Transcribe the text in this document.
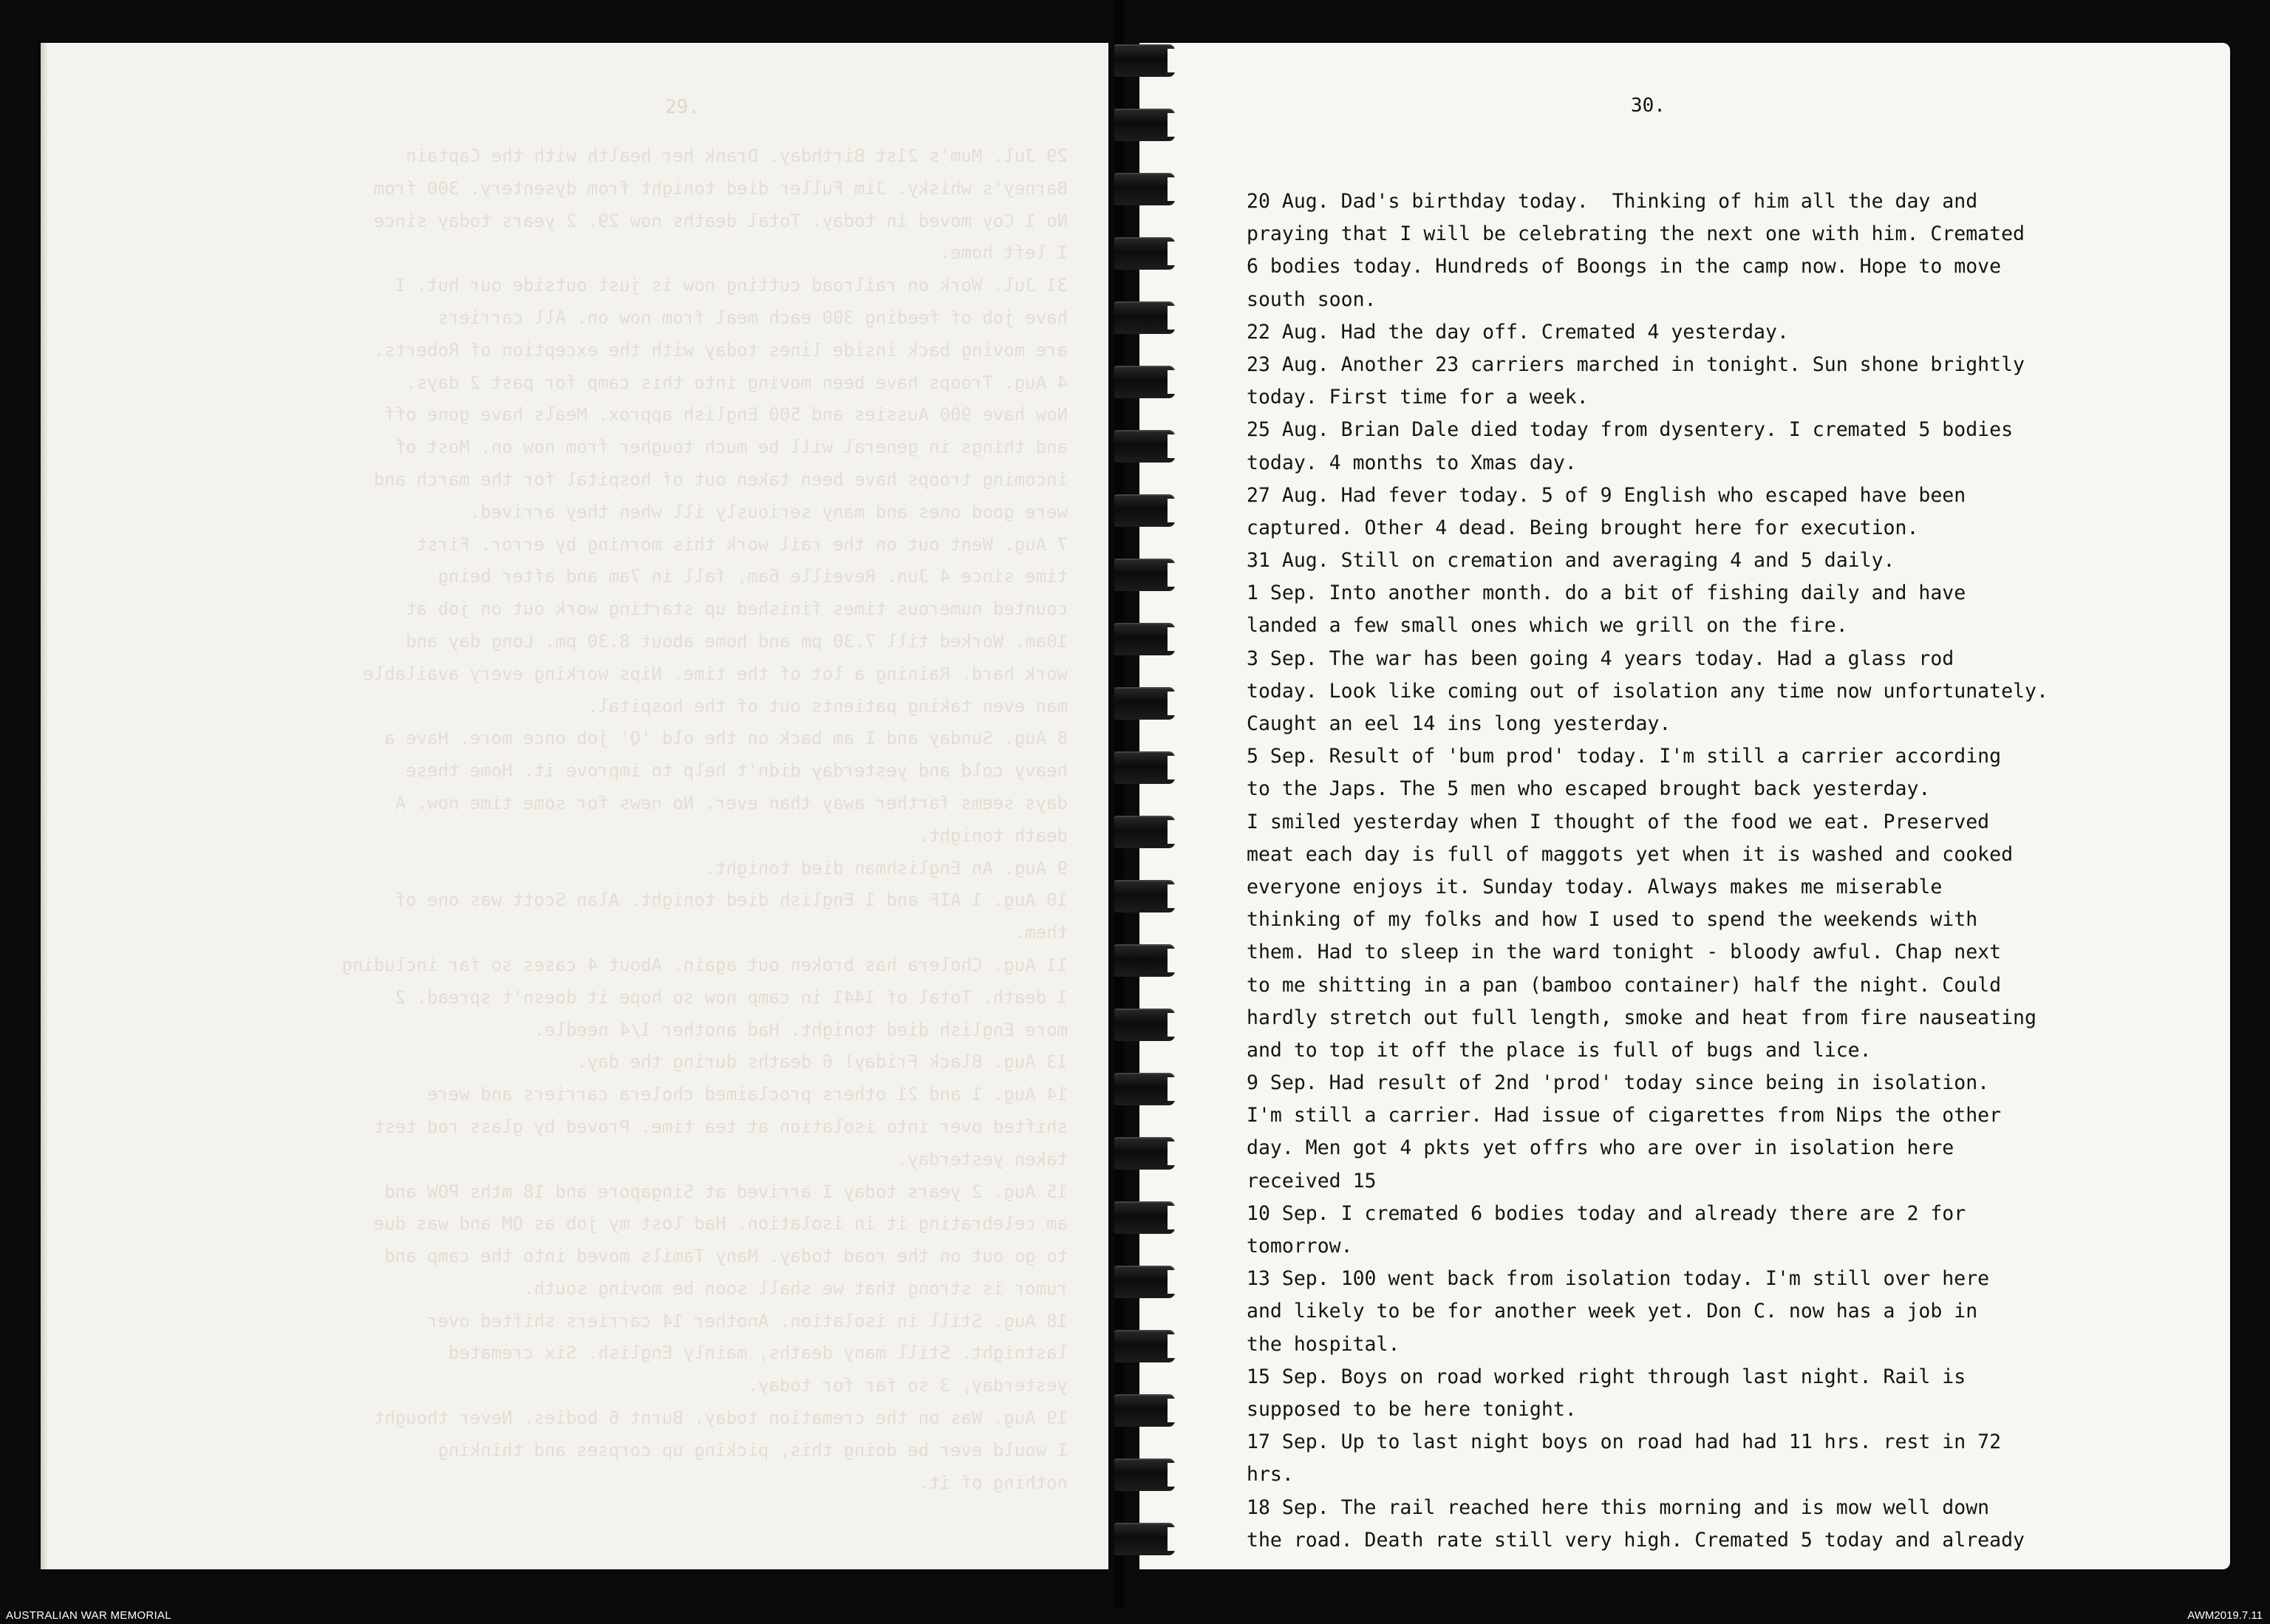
29.
29 Jul. Mum's 21st Birthday. Drank her health with the Captain
Barney's whisky. Jim Fuller died tonight from dysentery. 300 from
No 1 Coy moved in today. Total deaths now 29. 2 years today since
I left home.
31 Jul. Work on railroad cutting now is just outside our hut. I
have job of feeding 300 each meal from now on. All carriers
are moving back inside lines today with the exception of Roberts.
4 Aug. Troops have been moving into this camp for past 2 days.
Now have 900 Aussies and 500 English approx. Meals have gone off
and things in general will be much tougher from now on. Most of
incoming troops have been taken out of hospital for the march and
were good ones and many seriously ill when they arrived.
7 Aug. Went out on the rail work this morning by error. First
time since 4 Jun. Reveille 6am, fall in 7am and after being
counted numerous times finished up starting work out on job at
10am. Worked till 7.30 pm and home about 8.30 pm. Long day and
work hard. Raining a lot of the time. Nips working every available
man even taking patients out of the hospital.
8 Aug. Sunday and I am back on the old 'Q' job once more. Have a
heavy cold and yesterday didn't help to improve it. Home these
days seems farther away than ever. No news for some time now. A
death tonight.
9 Aug. An Englishman died tonight.
10 Aug. 1 AIF and 1 English died tonight. Alan Scott was one of
them.
11 Aug. Cholera has broken out again. About 4 cases so far including
1 death. Total of 1441 in camp now so hope it doesn't spread. 2
more English died tonight. Had another 1/4 needle.
13 Aug. Black Friday! 6 deaths during the day.
14 Aug. 1 and 21 others proclaimed cholera carriers and were
shifted over into isolation at tea time. Proved by glass rod test
taken yesterday.
15 Aug. 2 years today I arrived at Singapore and 18 mths POW and
am celebrating it in isolation. Had lost my job as QM and was due
to go out on the road today. Many Tamils moved into the camp and
rumor is strong that we shall soon be moving south.
18 Aug. Still in isolation. Another 14 carriers shifted over
lastnight. Still many deaths, mainly English. Six cremated
yesterday, 3 so far for today.
19 Aug. Was on the cremation today. Burnt 6 bodies. Never thought
I would ever be doing this, picking up corpses and thinking
nothing of it.
30.
20 Aug. Dad's birthday today.  Thinking of him all the day and
praying that I will be celebrating the next one with him. Cremated
6 bodies today. Hundreds of Boongs in the camp now. Hope to move
south soon.
22 Aug. Had the day off. Cremated 4 yesterday.
23 Aug. Another 23 carriers marched in tonight. Sun shone brightly
today. First time for a week.
25 Aug. Brian Dale died today from dysentery. I cremated 5 bodies
today. 4 months to Xmas day.
27 Aug. Had fever today. 5 of 9 English who escaped have been
captured. Other 4 dead. Being brought here for execution.
31 Aug. Still on cremation and averaging 4 and 5 daily.
1 Sep. Into another month. do a bit of fishing daily and have
landed a few small ones which we grill on the fire.
3 Sep. The war has been going 4 years today. Had a glass rod
today. Look like coming out of isolation any time now unfortunately.
Caught an eel 14 ins long yesterday.
5 Sep. Result of 'bum prod' today. I'm still a carrier according
to the Japs. The 5 men who escaped brought back yesterday.
I smiled yesterday when I thought of the food we eat. Preserved
meat each day is full of maggots yet when it is washed and cooked
everyone enjoys it. Sunday today. Always makes me miserable
thinking of my folks and how I used to spend the weekends with
them. Had to sleep in the ward tonight - bloody awful. Chap next
to me shitting in a pan (bamboo container) half the night. Could
hardly stretch out full length, smoke and heat from fire nauseating
and to top it off the place is full of bugs and lice.
9 Sep. Had result of 2nd 'prod' today since being in isolation.
I'm still a carrier. Had issue of cigarettes from Nips the other
day. Men got 4 pkts yet offrs who are over in isolation here
received 15
10 Sep. I cremated 6 bodies today and already there are 2 for
tomorrow.
13 Sep. 100 went back from isolation today. I'm still over here
and likely to be for another week yet. Don C. now has a job in
the hospital.
15 Sep. Boys on road worked right through last night. Rail is
supposed to be here tonight.
17 Sep. Up to last night boys on road had had 11 hrs. rest in 72
hrs.
18 Sep. The rail reached here this morning and is mow well down
the road. Death rate still very high. Cremated 5 today and already
AUSTRALIAN WAR MEMORIAL	AWM2019.7.11
